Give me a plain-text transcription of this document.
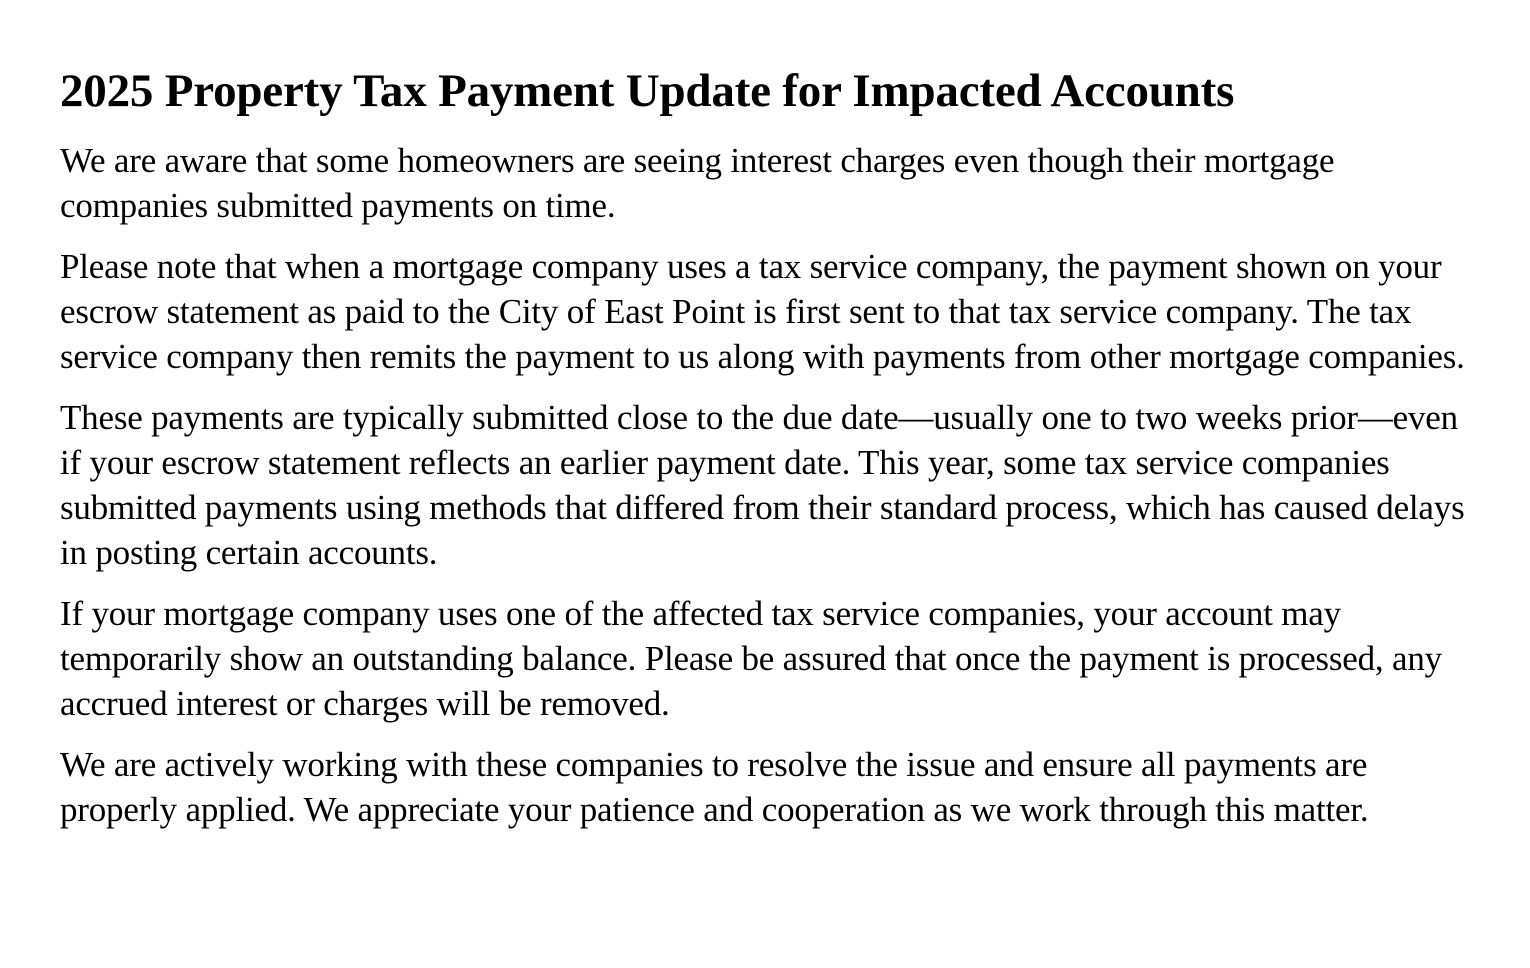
2025 Property Tax Payment Update for Impacted Accounts

We are aware that some homeowners are seeing interest charges even though their mortgage companies submitted payments on time.

Please note that when a mortgage company uses a tax service company, the payment shown on your escrow statement as paid to the City of East Point is first sent to that tax service company. The tax service company then remits the payment to us along with payments from other mortgage companies.

These payments are typically submitted close to the due date—usually one to two weeks prior—even if your escrow statement reflects an earlier payment date. This year, some tax service companies submitted payments using methods that differed from their standard process, which has caused delays in posting certain accounts.

If your mortgage company uses one of the affected tax service companies, your account may temporarily show an outstanding balance. Please be assured that once the payment is processed, any accrued interest or charges will be removed.

We are actively working with these companies to resolve the issue and ensure all payments are properly applied. We appreciate your patience and cooperation as we work through this matter.
